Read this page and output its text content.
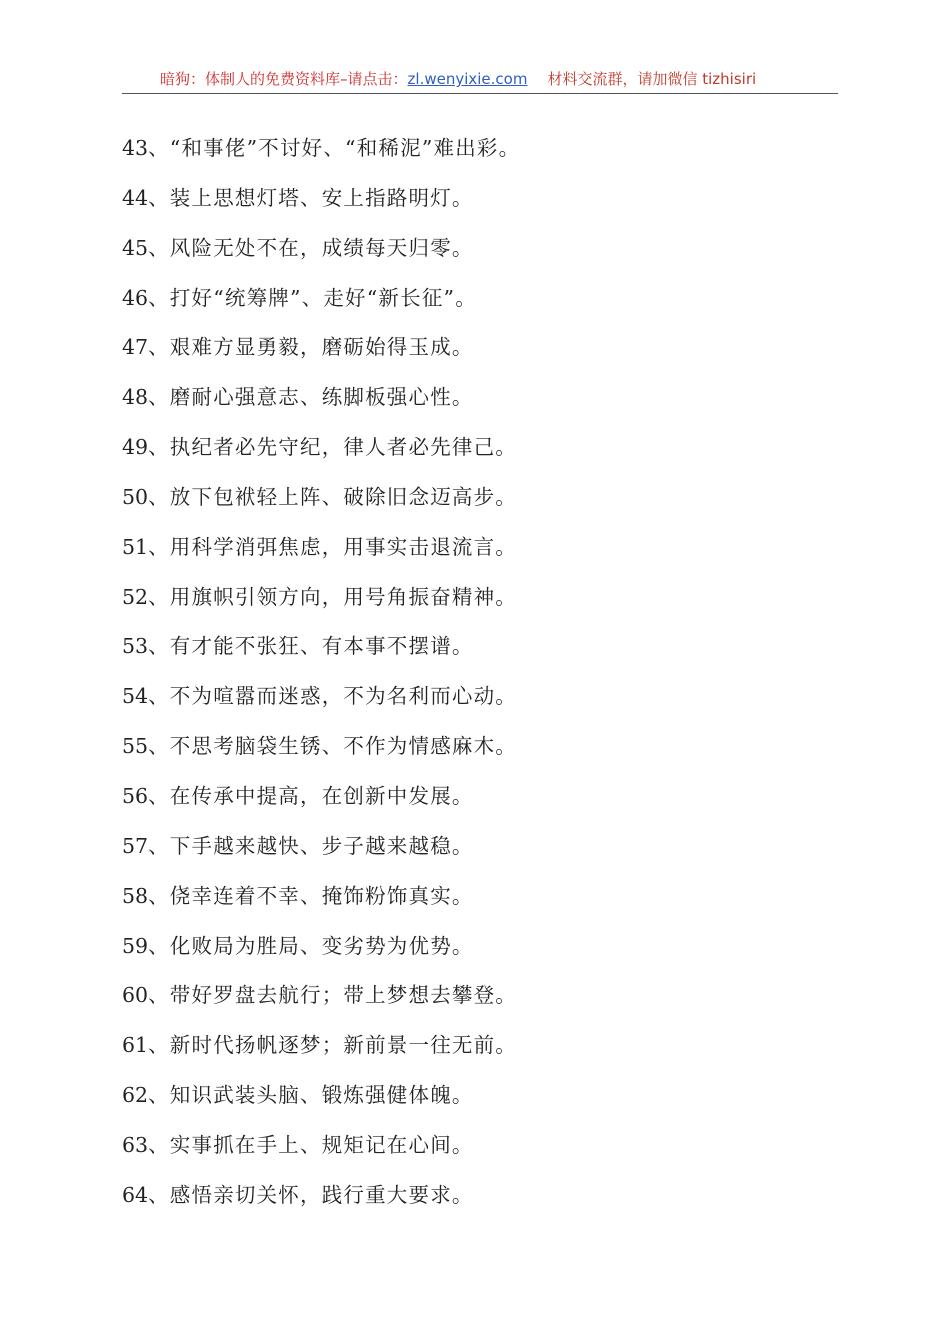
暗狗：体制人的免费资料库–请点击：zl.wenyixie.com 材料交流群，请加微信 tizhisiri
43、“和事佬”不讨好、“和稀泥”难出彩。
44、装上思想灯塔、安上指路明灯。
45、风险无处不在，成绩每天归零。
46、打好“统筹牌”、走好“新长征”。
47、艰难方显勇毅，磨砺始得玉成。
48、磨耐心强意志、练脚板强心性。
49、执纪者必先守纪，律人者必先律己。
50、放下包袱轻上阵、破除旧念迈高步。
51、用科学消弭焦虑，用事实击退流言。
52、用旗帜引领方向，用号角振奋精神。
53、有才能不张狂、有本事不摆谱。
54、不为喧嚣而迷惑，不为名利而心动。
55、不思考脑袋生锈、不作为情感麻木。
56、在传承中提高，在创新中发展。
57、下手越来越快、步子越来越稳。
58、侥幸连着不幸、掩饰粉饰真实。
59、化败局为胜局、变劣势为优势。
60、带好罗盘去航行；带上梦想去攀登。
61、新时代扬帆逐梦；新前景一往无前。
62、知识武装头脑、锻炼强健体魄。
63、实事抓在手上、规矩记在心间。
64、感悟亲切关怀，践行重大要求。
